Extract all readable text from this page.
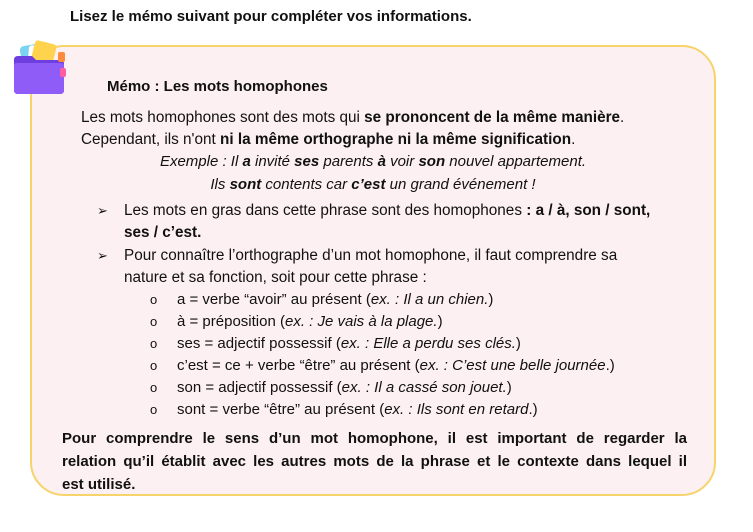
Lisez le mémo suivant pour compléter vos informations.
Mémo : Les mots homophones
Les mots homophones sont des mots qui se prononcent de la même manière.
Cependant, ils n'ont ni la même orthographe ni la même signification.
Exemple : Il a invité ses parents à voir son nouvel appartement.
Ils sont contents car c’est un grand événement !
➢ Les mots en gras dans cette phrase sont des homophones : a / à, son / sont,
ses / c’est.
➢ Pour connaître l’orthographe d’un mot homophone, il faut comprendre sa
nature et sa fonction, soit pour cette phrase :
o a = verbe “avoir” au présent (ex. : Il a un chien.)
o à = préposition (ex. : Je vais à la plage.)
o ses = adjectif possessif (ex. : Elle a perdu ses clés.)
o c’est = ce + verbe “être” au présent (ex. : C’est une belle journée.)
o son = adjectif possessif (ex. : Il a cassé son jouet.)
o sont = verbe “être” au présent (ex. : Ils sont en retard.)
Pour comprendre le sens d’un mot homophone, il est important de regarder la
relation qu’il établit avec les autres mots de la phrase et le contexte dans lequel il
est utilisé.
